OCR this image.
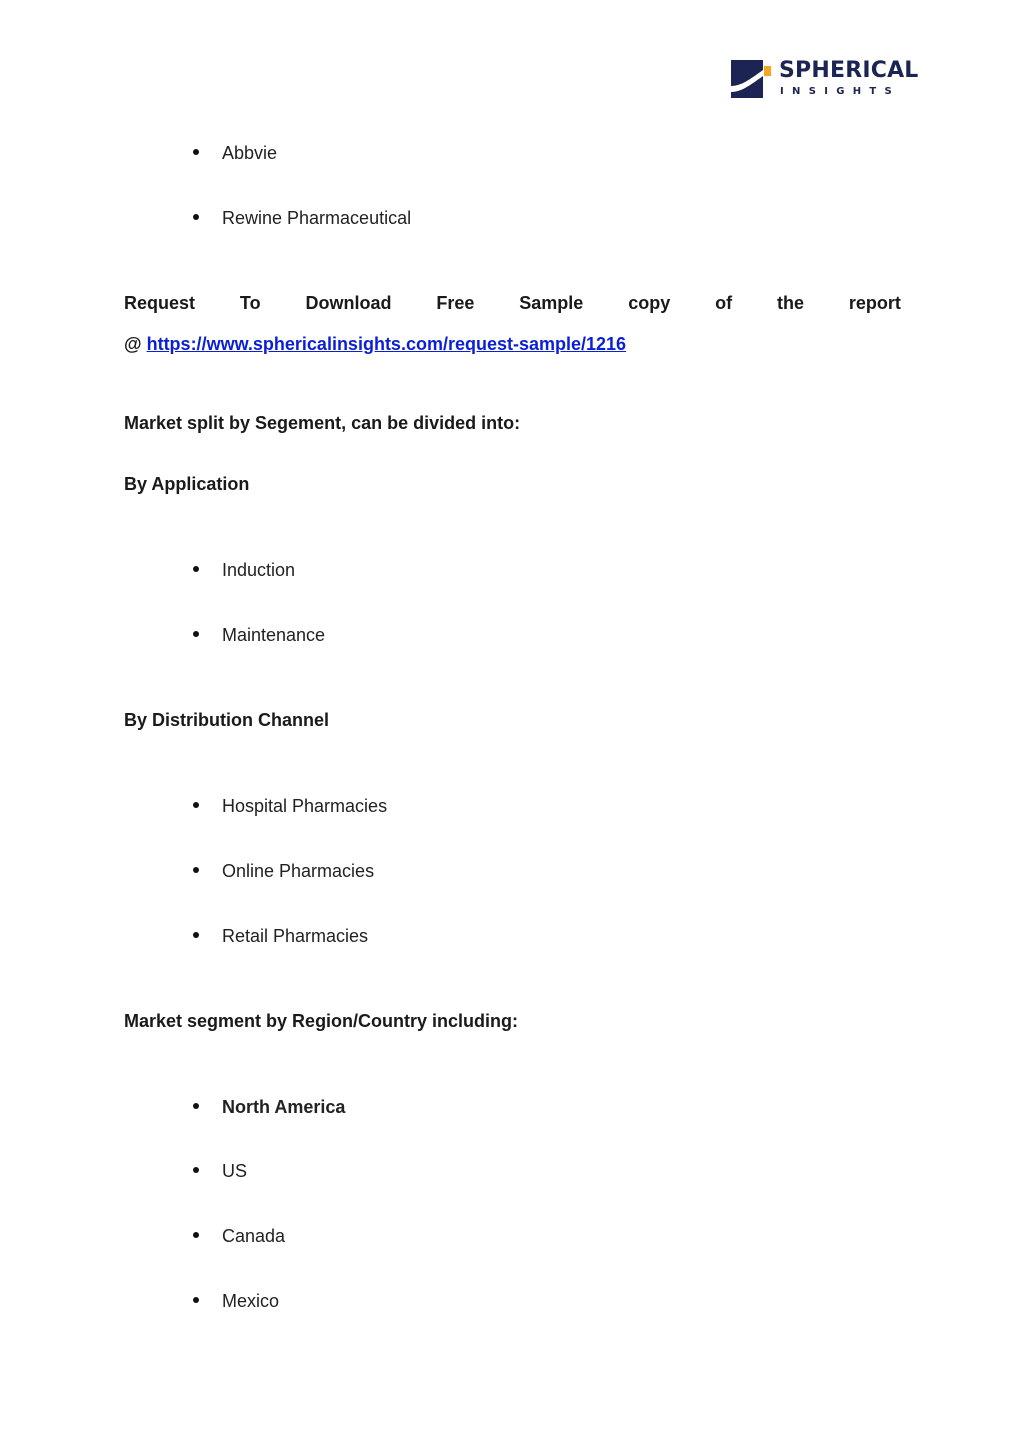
SPHERICAL
INSIGHTS
Abbvie
Rewine Pharmaceutical
Request To Download Free Sample copy of the report
@ https://www.sphericalinsights.com/request-sample/1216
Market split by Segement, can be divided into:
By Application
Induction
Maintenance
By Distribution Channel
Hospital Pharmacies
Online Pharmacies
Retail Pharmacies
Market segment by Region/Country including:
North America
US
Canada
Mexico
